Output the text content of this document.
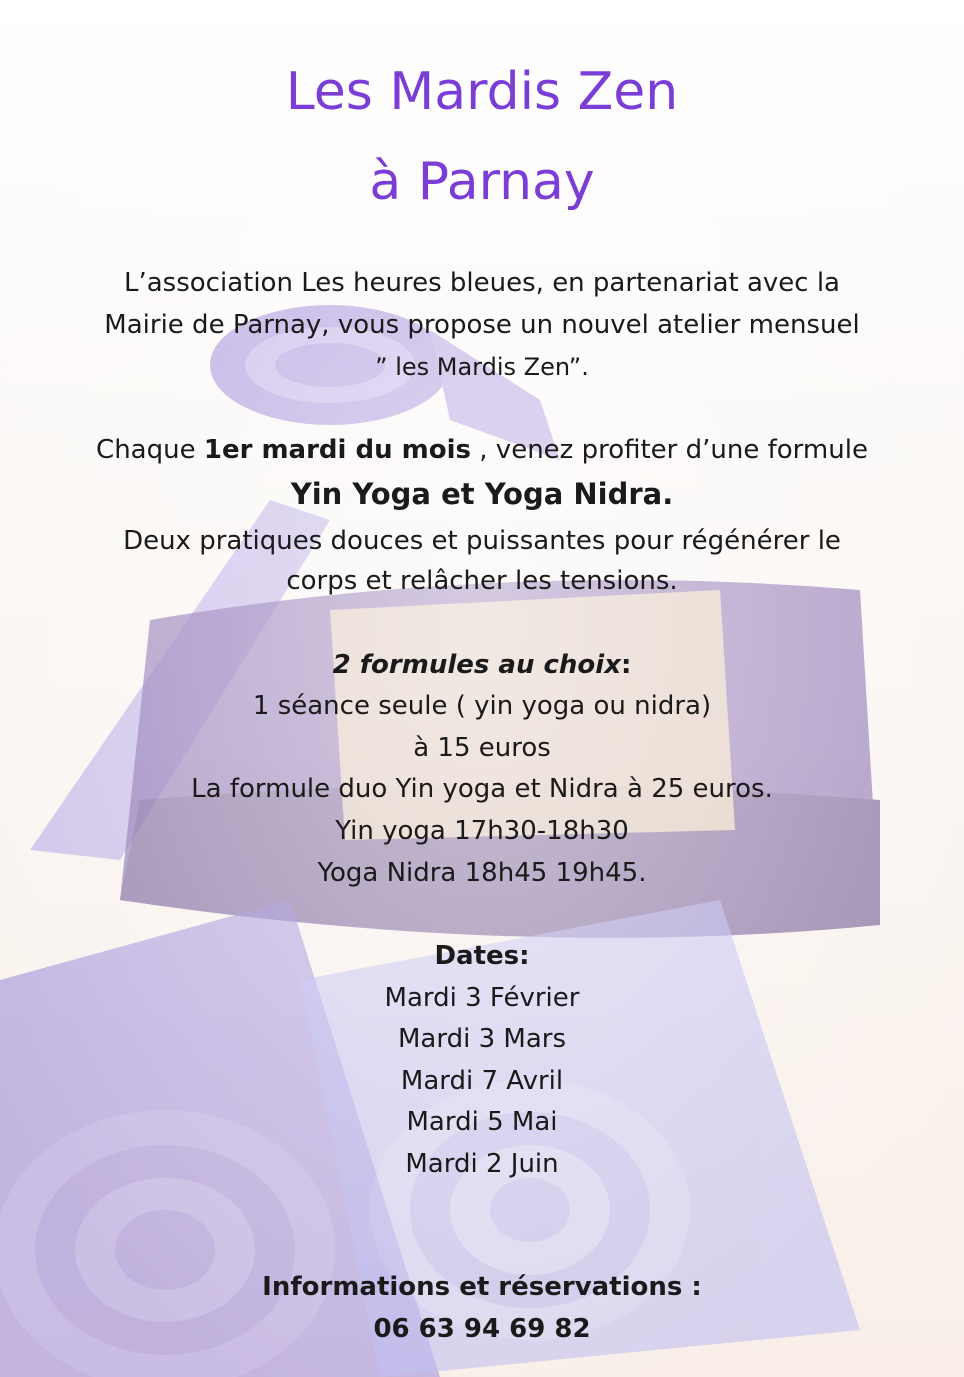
Les Mardis Zen
à Parnay
L’association Les heures bleues, en partenariat avec la
Mairie de Parnay, vous propose un nouvel atelier mensuel
” les Mardis Zen”.
Chaque 1er mardi du mois , venez profiter d’une formule
Yin Yoga et Yoga Nidra.
Deux pratiques douces et puissantes pour régénérer le
corps et relâcher les tensions.
2 formules au choix:
1 séance seule ( yin yoga ou nidra)
à 15 euros
La formule duo Yin yoga et Nidra à 25 euros.
Yin yoga 17h30-18h30
Yoga Nidra 18h45 19h45.
Dates:
Mardi 3 Février
Mardi 3 Mars
Mardi 7 Avril
Mardi 5 Mai
Mardi 2 Juin
Informations et réservations :
06 63 94 69 82
